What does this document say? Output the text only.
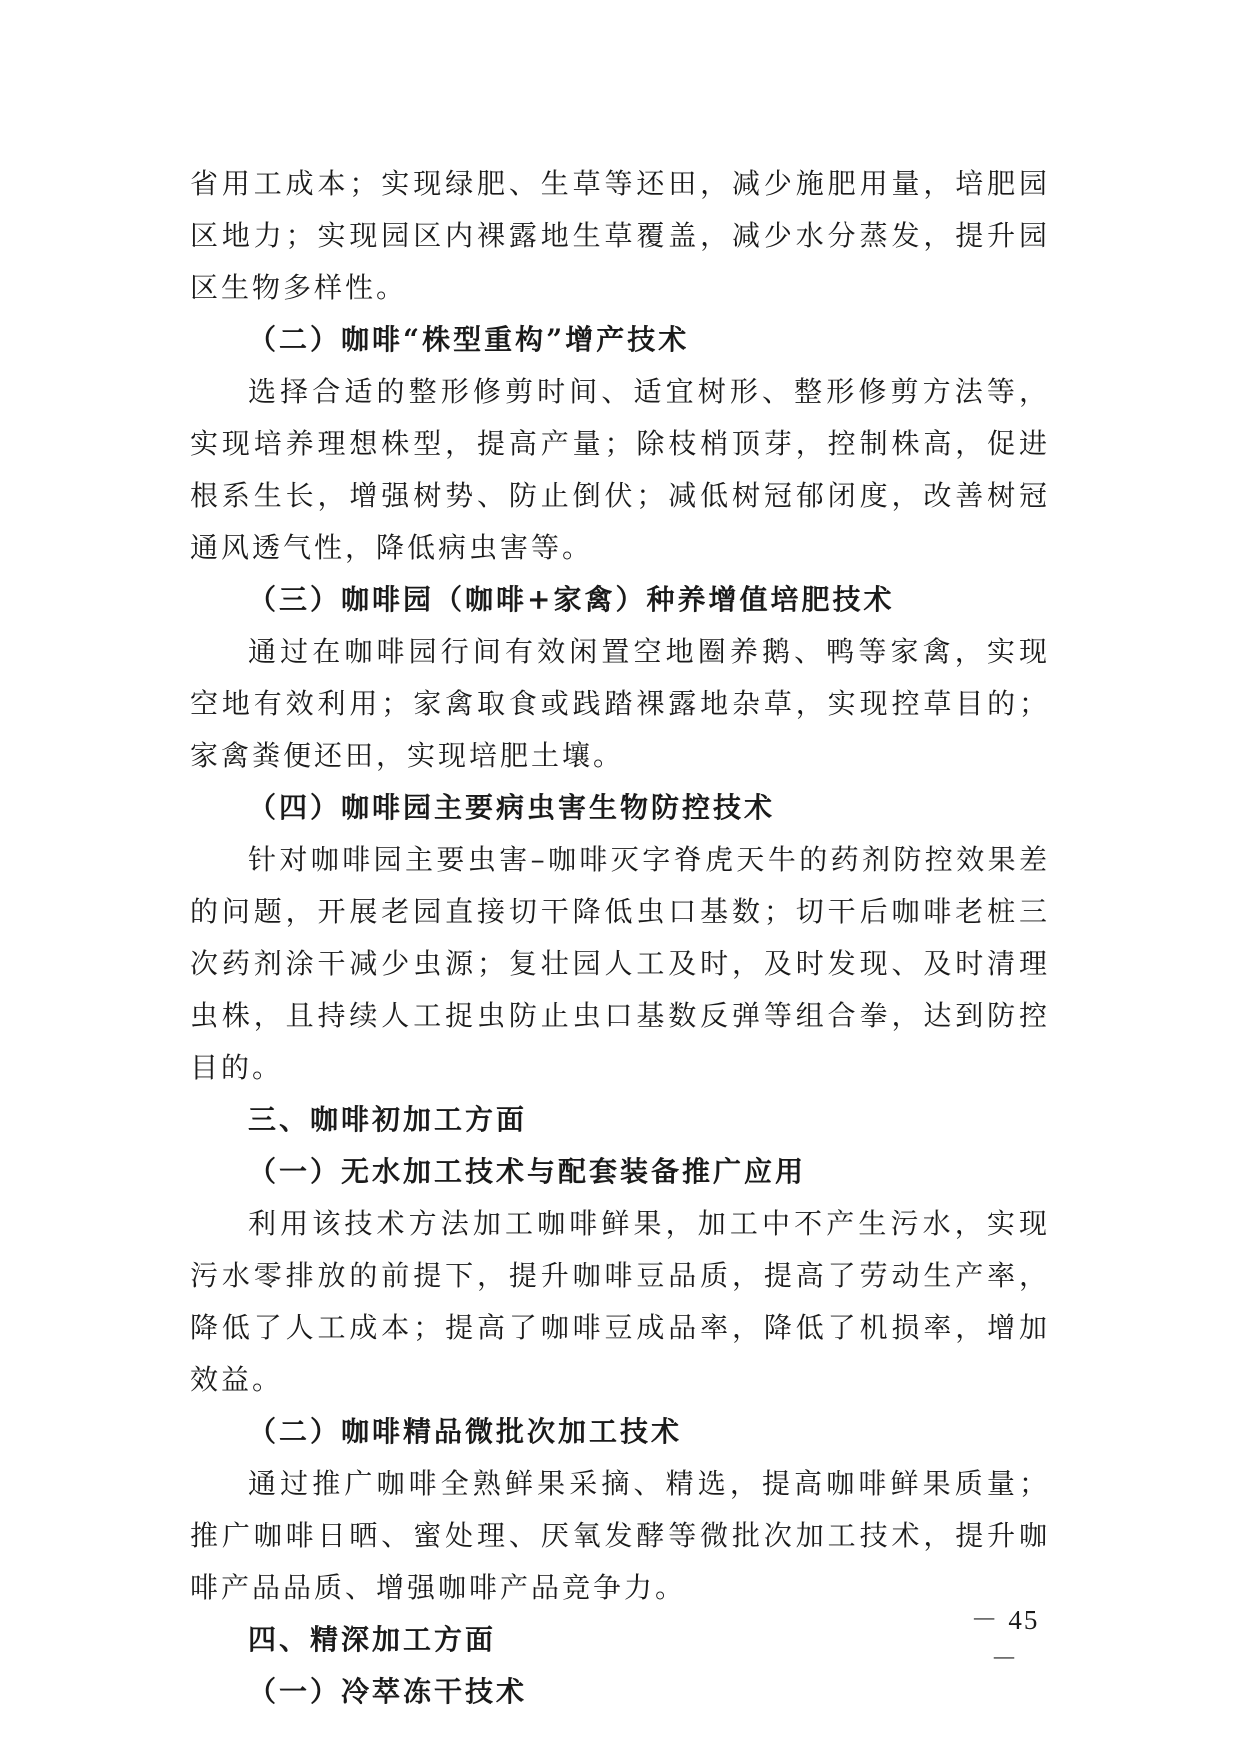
省用工成本；实现绿肥、生草等还田，减少施肥用量，培肥园区地力；实现园区内裸露地生草覆盖，减少水分蒸发，提升园区生物多样性。

（二）咖啡“株型重构”增产技术

选择合适的整形修剪时间、适宜树形、整形修剪方法等，实现培养理想株型，提高产量；除枝梢顶芽，控制株高，促进根系生长，增强树势、防止倒伏；减低树冠郁闭度，改善树冠通风透气性，降低病虫害等。

（三）咖啡园（咖啡+家禽）种养增值培肥技术

通过在咖啡园行间有效闲置空地圈养鹅、鸭等家禽，实现空地有效利用；家禽取食或践踏裸露地杂草，实现控草目的；家禽粪便还田，实现培肥土壤。

（四）咖啡园主要病虫害生物防控技术

针对咖啡园主要虫害–咖啡灭字脊虎天牛的药剂防控效果差的问题，开展老园直接切干降低虫口基数；切干后咖啡老桩三次药剂涂干减少虫源；复壮园人工及时，及时发现、及时清理虫株，且持续人工捉虫防止虫口基数反弹等组合拳，达到防控目的。

三、咖啡初加工方面

（一）无水加工技术与配套装备推广应用

利用该技术方法加工咖啡鲜果，加工中不产生污水，实现污水零排放的前提下，提升咖啡豆品质，提高了劳动生产率，降低了人工成本；提高了咖啡豆成品率，降低了机损率，增加效益。

（二）咖啡精品微批次加工技术

通过推广咖啡全熟鲜果采摘、精选，提高咖啡鲜果质量；推广咖啡日晒、蜜处理、厌氧发酵等微批次加工技术，提升咖啡产品品质、增强咖啡产品竞争力。

四、精深加工方面

（一）冷萃冻干技术

－ 45 －
